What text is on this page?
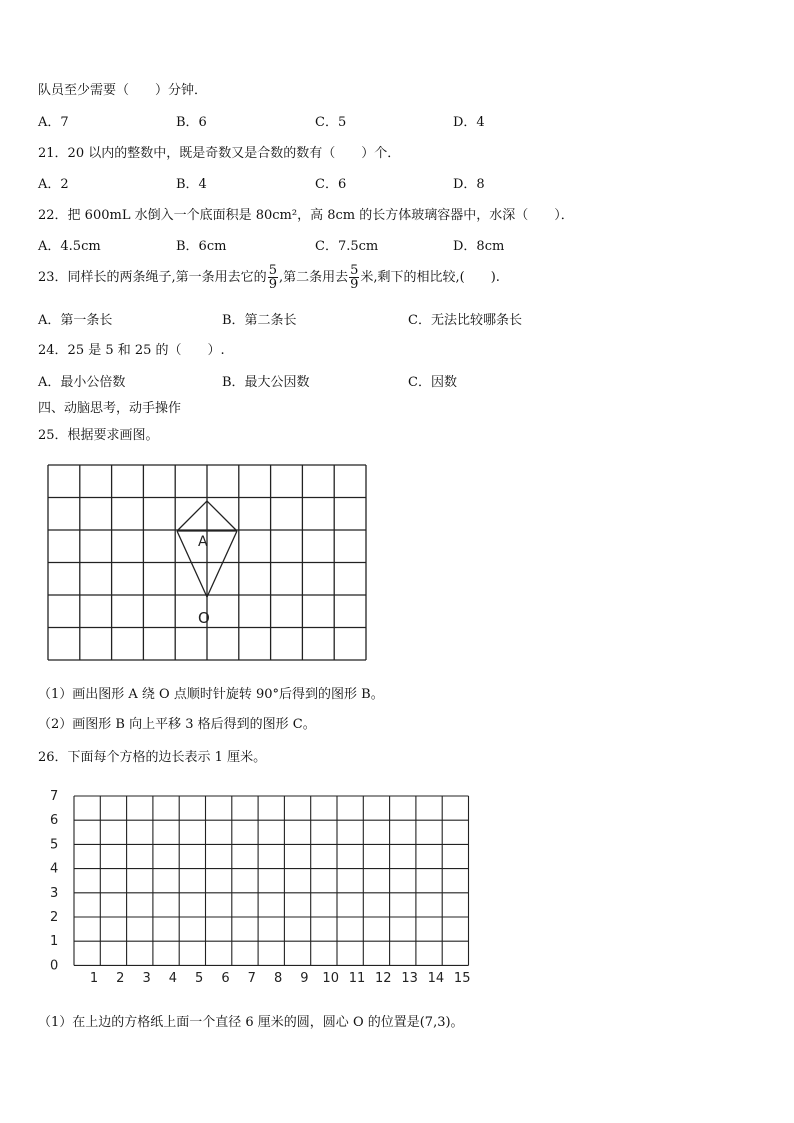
队员至少需要（　　）分钟．
A．7	B．6	C．5	D．4
21．20 以内的整数中，既是奇数又是合数的数有（　　）个．
A．2	B．4	C．6	D．8
22．把 600mL 水倒入一个底面积是 80cm²，高 8cm 的长方体玻璃容器中，水深（　　）．
A．4.5cm	B．6cm	C．7.5cm	D．8cm
23．同样长的两条绳子,第一条用去它的 $\frac{5}{9}$ ,第二条用去 $\frac{5}{9}$ 米,剩下的相比较,(　　).
A．第一条长	B．第二条长	C．无法比较哪条长
24．25 是 5 和 25 的（　　）.
A．最小公倍数	B．最大公因数	C．因数
四、动脑思考，动手操作
25．根据要求画图。
A
O
（1）画出图形 A 绕 O 点顺时针旋转 90°后得到的图形 B。
（2）画图形 B 向上平移 3 格后得到的图形 C。
26．下面每个方格的边长表示 1 厘米。
7
6
5
4
3
2
1
0
1 2 3 4 5 6 7 8 9 10 11 12 13 14 15
（1）在上边的方格纸上面一个直径 6 厘米的圆，圆心 O 的位置是(7,3)。
